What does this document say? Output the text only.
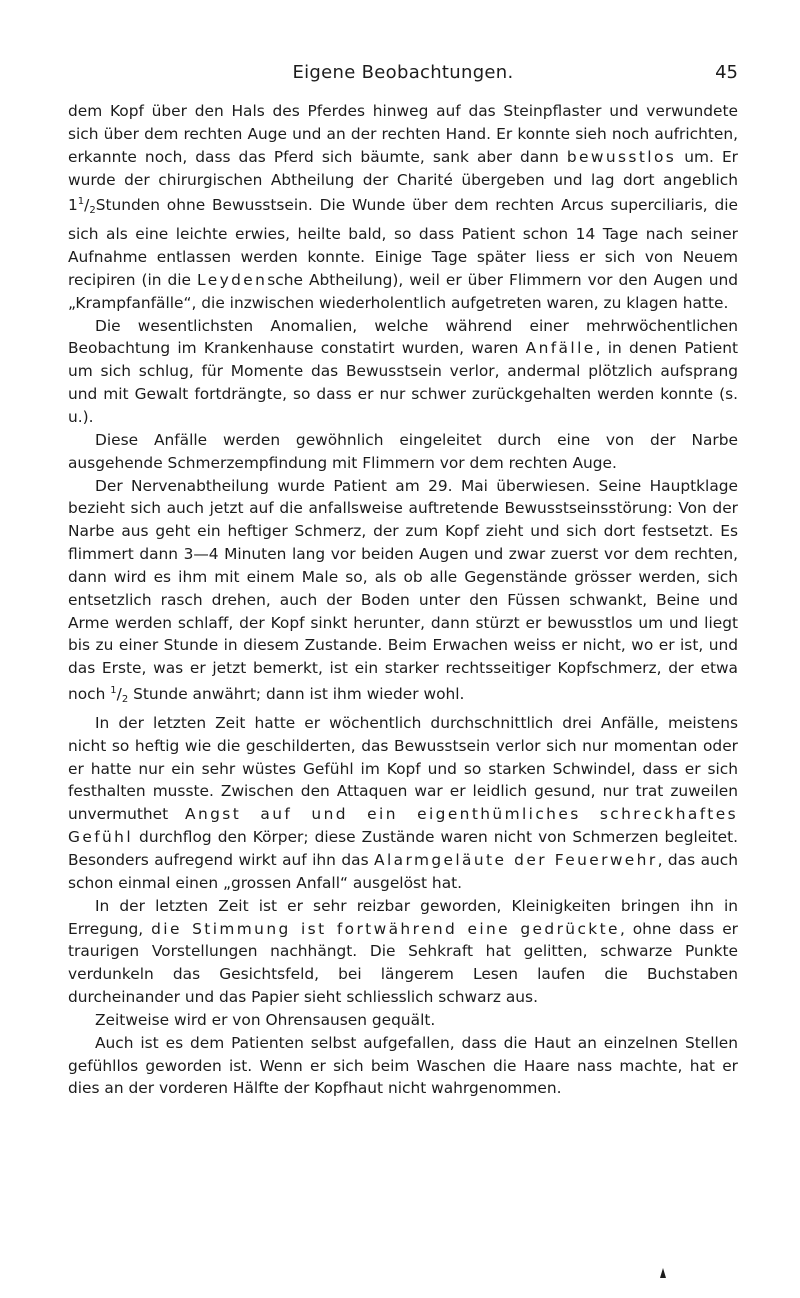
Eigene Beobachtungen.	45

dem Kopf über den Hals des Pferdes hinweg auf das Steinpflaster und verwundete sich über dem rechten Auge und an der rechten Hand. Er konnte sieh noch aufrichten, erkannte noch, dass das Pferd sich bäumte, sank aber dann bewusstlos um. Er wurde der chirurgischen Abtheilung der Charité übergeben und lag dort angeblich $1^1/_2Stunden$ ohne Bewusstsein. Die Wunde über dem rechten Arcus superciliaris, die sich als eine leichte erwies, heilte bald, so dass Patient schon 14 Tage nach seiner Aufnahme entlassen werden konnte. Einige Tage später liess er sich von Neuem recipiren (in die Leydensche Abtheilung), weil er über Flimmern vor den Augen und „Krampfanfälle“, die inzwischen wiederholentlich aufgetreten waren, zu klagen hatte.

Die wesentlichsten Anomalien, welche während einer mehrwöchentlichen Beobachtung im Krankenhause constatirt wurden, waren Anfälle, in denen Patient um sich schlug, für Momente das Bewusstsein verlor, andermal plötzlich aufsprang und mit Gewalt fortdrängte, so dass er nur schwer zurückgehalten werden konnte (s. u.).

Diese Anfälle werden gewöhnlich eingeleitet durch eine von der Narbe ausgehende Schmerzempfindung mit Flimmern vor dem rechten Auge.

Der Nervenabtheilung wurde Patient am 29. Mai überwiesen. Seine Hauptklage bezieht sich auch jetzt auf die anfallsweise auftretende Bewusstseinsstörung: Von der Narbe aus geht ein heftiger Schmerz, der zum Kopf zieht und sich dort festsetzt. Es flimmert dann 3—4 Minuten lang vor beiden Augen und zwar zuerst vor dem rechten, dann wird es ihm mit einem Male so, als ob alle Gegenstände grösser werden, sich entsetzlich rasch drehen, auch der Boden unter den Füssen schwankt, Beine und Arme werden schlaff, der Kopf sinkt herunter, dann stürzt er bewusstlos um und liegt bis zu einer Stunde in diesem Zustande. Beim Erwachen weiss er nicht, wo er ist, und das Erste, was er jetzt bemerkt, ist ein starker rechtsseitiger Kopfschmerz, der etwa noch $^1/_2$ Stunde anwährt; dann ist ihm wieder wohl.

In der letzten Zeit hatte er wöchentlich durchschnittlich drei Anfälle, meistens nicht so heftig wie die geschilderten, das Bewusstsein verlor sich nur momentan oder er hatte nur ein sehr wüstes Gefühl im Kopf und so starken Schwindel, dass er sich festhalten musste. Zwischen den Attaquen war er leidlich gesund, nur trat zuweilen unvermuthet Angst auf und ein eigenthümliches schreckhaftes Gefühl durchflog den Körper; diese Zustände waren nicht von Schmerzen begleitet. Besonders aufregend wirkt auf ihn das Alarmgeläute der Feuerwehr, das auch schon einmal einen „grossen Anfall“ ausgelöst hat.

In der letzten Zeit ist er sehr reizbar geworden, Kleinigkeiten bringen ihn in Erregung, die Stimmung ist fortwährend eine gedrückte, ohne dass er traurigen Vorstellungen nachhängt. Die Sehkraft hat gelitten, schwarze Punkte verdunkeln das Gesichtsfeld, bei längerem Lesen laufen die Buchstaben durcheinander und das Papier sieht schliesslich schwarz aus.

Zeitweise wird er von Ohrensausen gequält.

Auch ist es dem Patienten selbst aufgefallen, dass die Haut an einzelnen Stellen gefühllos geworden ist. Wenn er sich beim Waschen die Haare nass machte, hat er dies an der vorderen Hälfte der Kopfhaut nicht wahrgenommen.
